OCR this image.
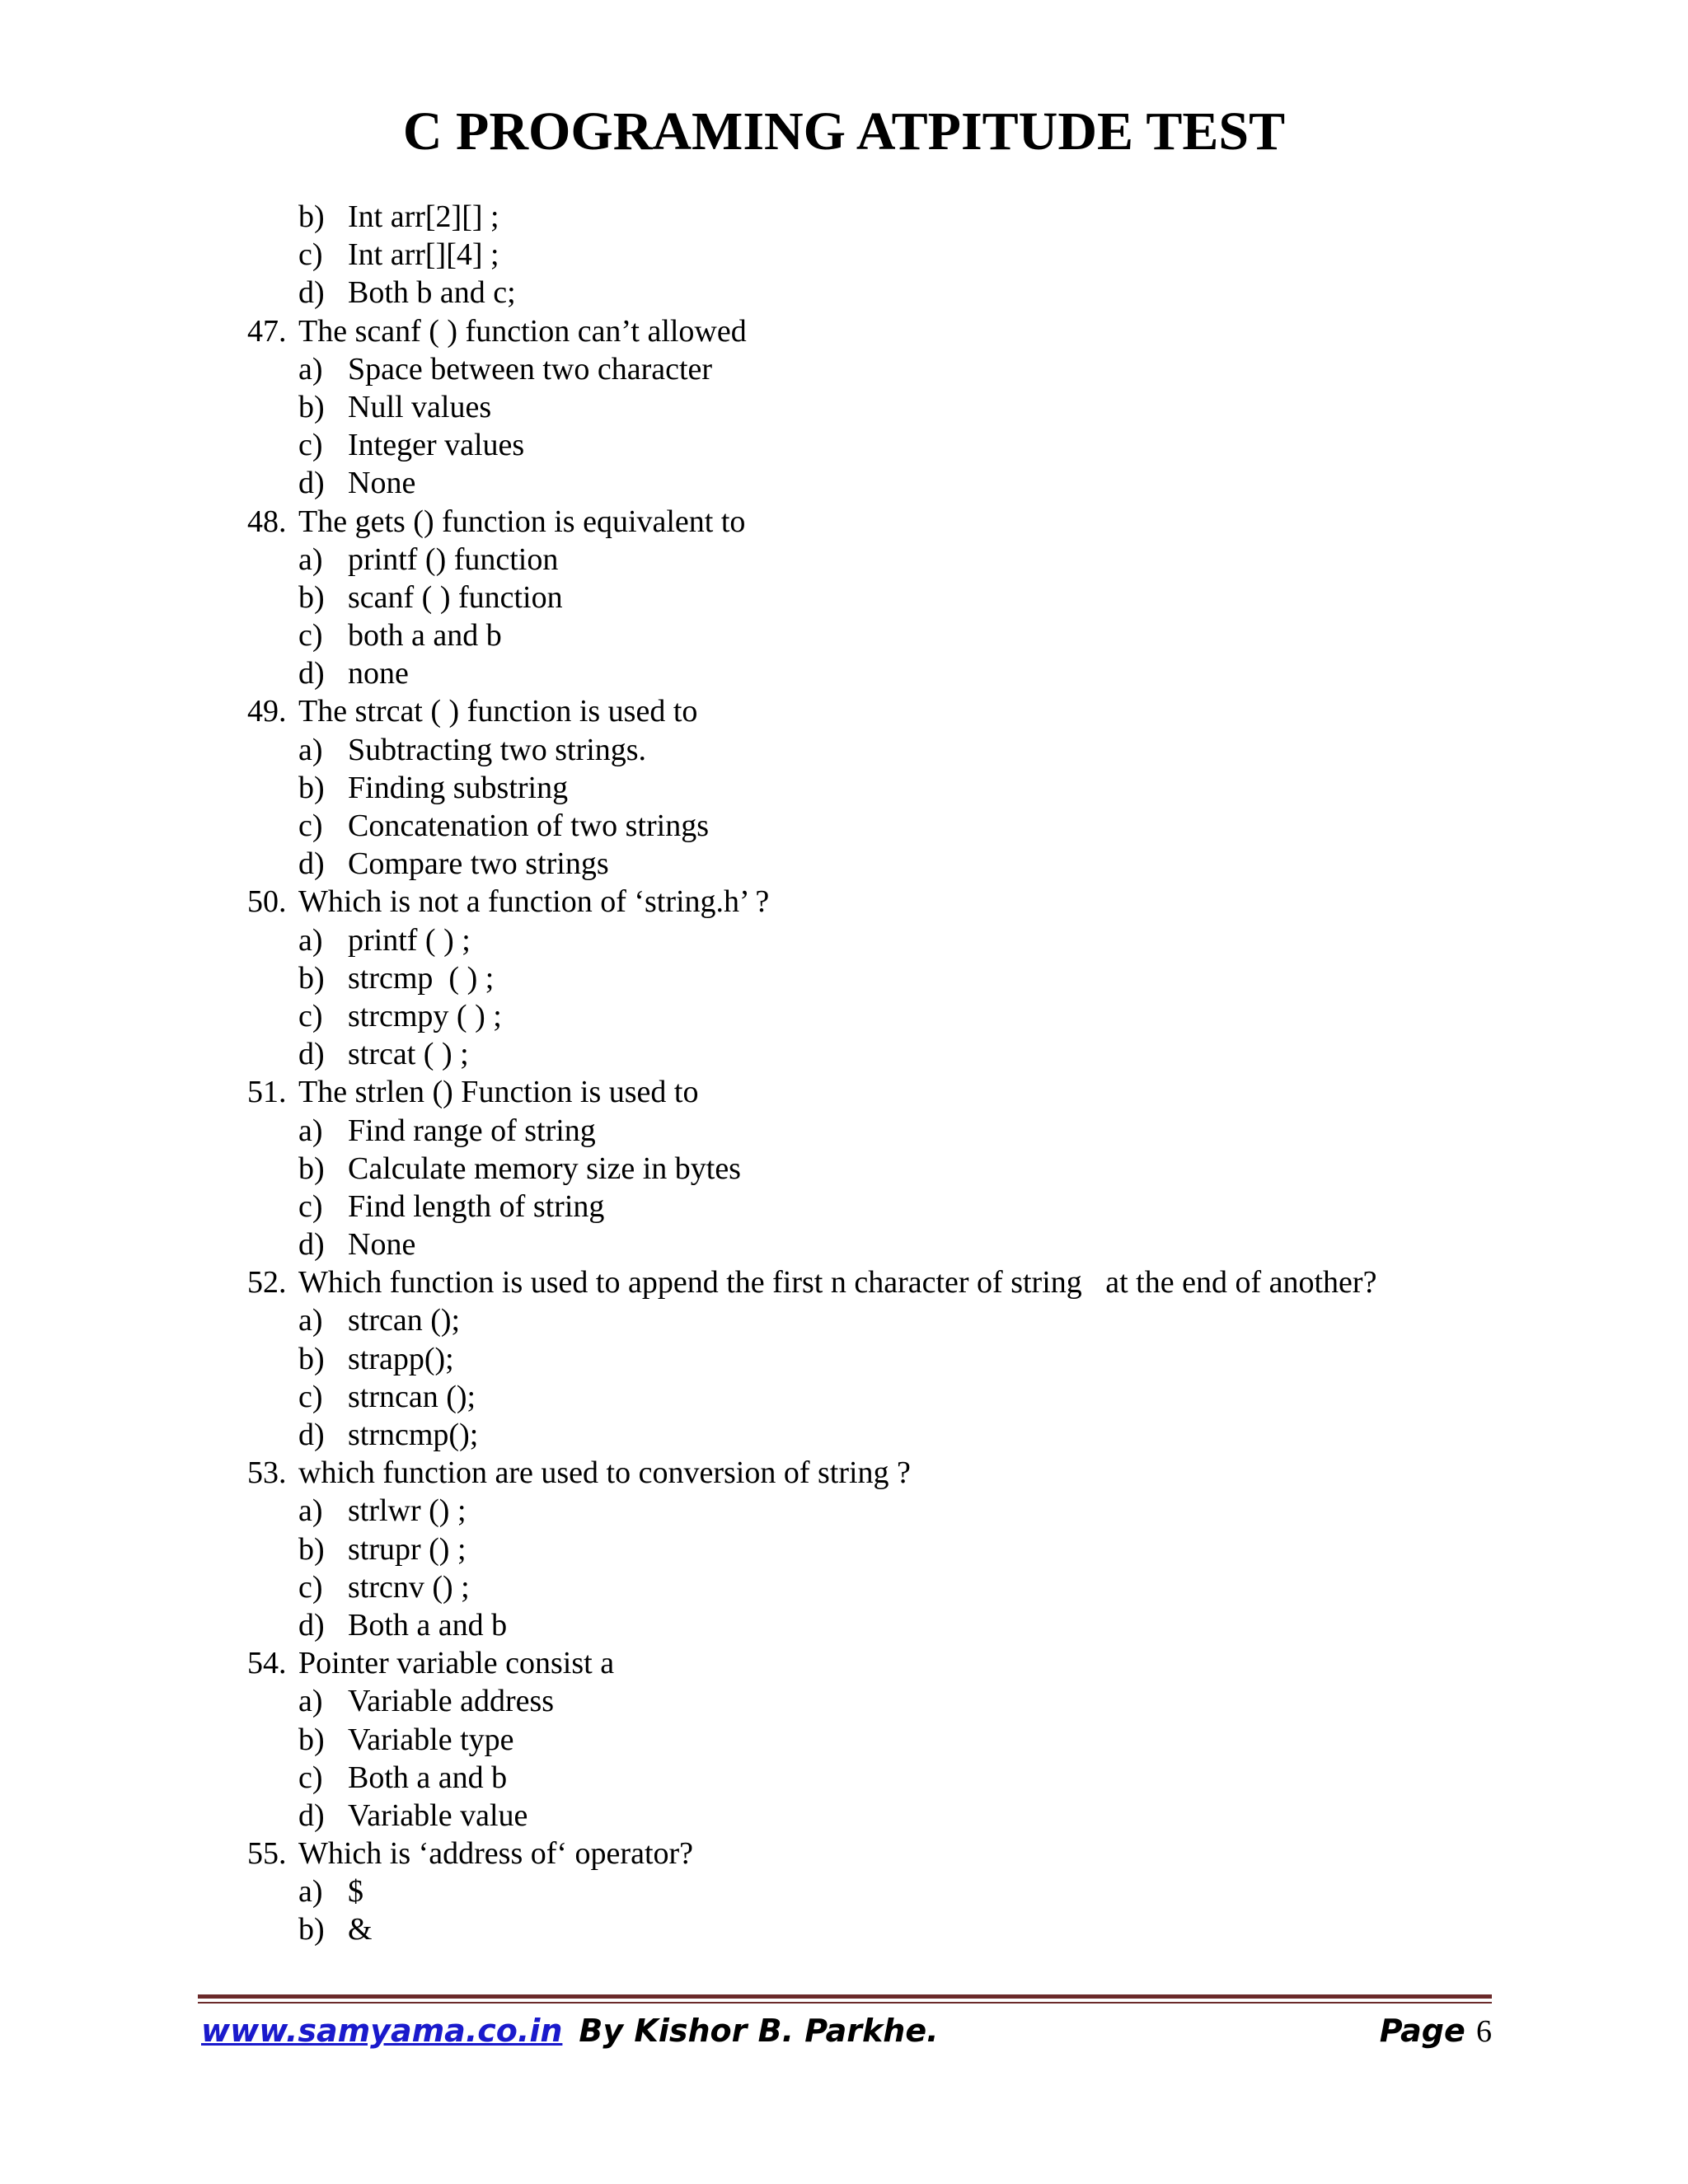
C PROGRAMING ATPITUDE TEST
b) Int arr[2][] ;
c) Int arr[][4] ;
d) Both b and c;
47. The scanf ( ) function can’t allowed
a) Space between two character
b) Null values
c) Integer values
d) None
48. The gets () function is equivalent to
a) printf () function
b) scanf ( ) function
c) both a and b
d) none
49. The strcat ( ) function is used to
a) Subtracting two strings.
b) Finding substring
c) Concatenation of two strings
d) Compare two strings
50. Which is not a function of ‘string.h’ ?
a) printf ( ) ;
b) strcmp  ( ) ;
c) strcmpy ( ) ;
d) strcat ( ) ;
51. The strlen () Function is used to
a) Find range of string
b) Calculate memory size in bytes
c) Find length of string
d) None
52. Which function is used to append the first n character of string   at the end of another?
a) strcan ();
b) strapp();
c) strncan ();
d) strncmp();
53. which function are used to conversion of string ?
a) strlwr () ;
b) strupr () ;
c) strcnv () ;
d) Both a and b
54. Pointer variable consist a
a) Variable address
b) Variable type
c) Both a and b
d) Variable value
55. Which is ‘address of‘ operator?
a) $
b) &
www.samyama.co.in By Kishor B. Parkhe.	Page 6
